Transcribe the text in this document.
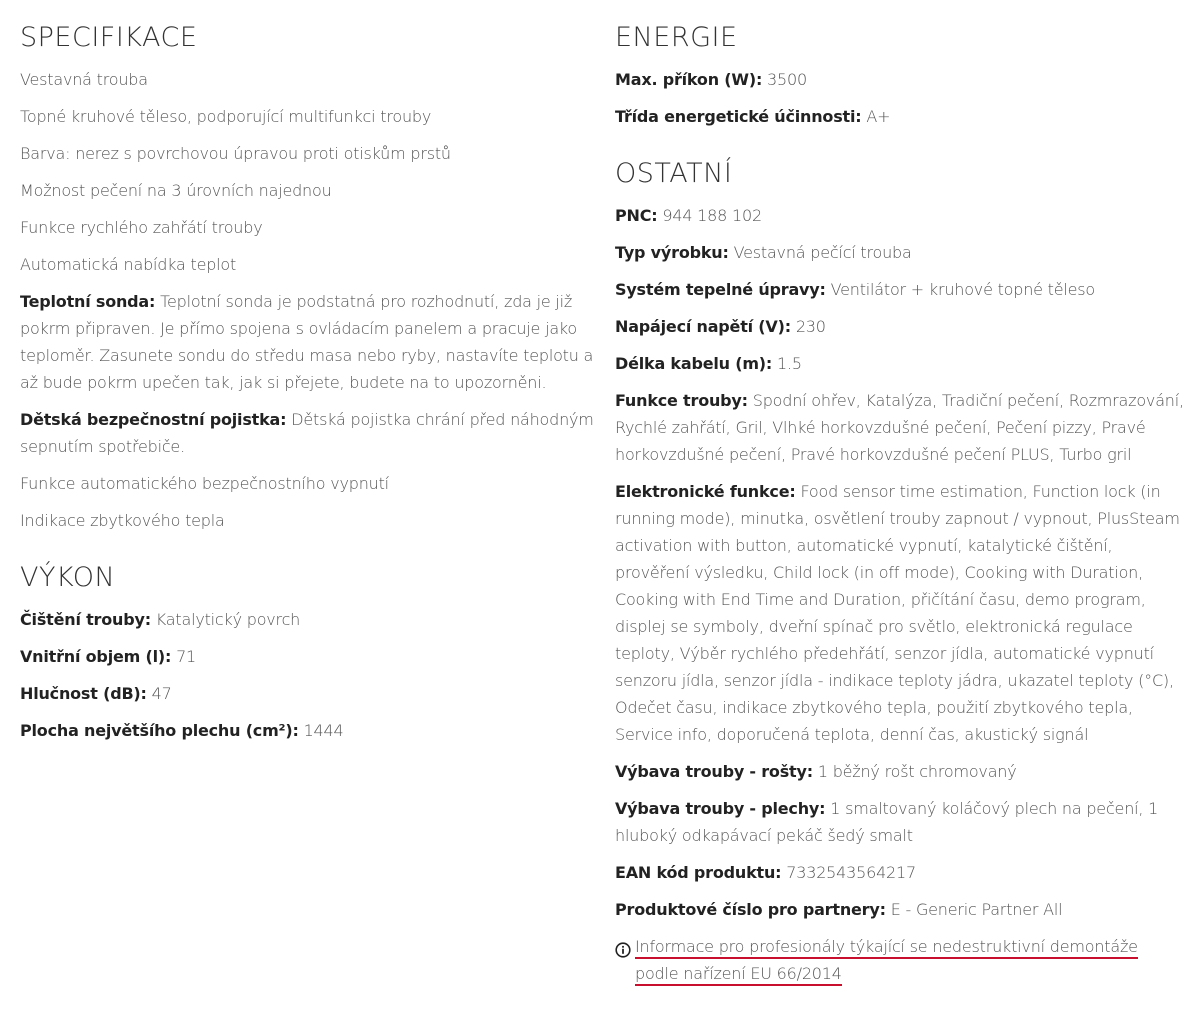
SPECIFIKACE
Vestavná trouba
Topné kruhové těleso, podporující multifunkci trouby
Barva: nerez s povrchovou úpravou proti otiskům prstů
Možnost pečení na 3 úrovních najednou
Funkce rychlého zahřátí trouby
Automatická nabídka teplot
Teplotní sonda: Teplotní sonda je podstatná pro rozhodnutí, zda je již pokrm připraven. Je přímo spojena s ovládacím panelem a pracuje jako teploměr. Zasunete sondu do středu masa nebo ryby, nastavíte teplotu a až bude pokrm upečen tak, jak si přejete, budete na to upozorněni.
Dětská bezpečnostní pojistka: Dětská pojistka chrání před náhodným sepnutím spotřebiče.
Funkce automatického bezpečnostního vypnutí
Indikace zbytkového tepla
VÝKON
Čištění trouby: Katalytický povrch
Vnitřní objem (l): 71
Hlučnost (dB): 47
Plocha největšího plechu (cm²): 1444
ENERGIE
Max. příkon (W): 3500
Třída energetické účinnosti: A+
OSTATNÍ
PNC: 944 188 102
Typ výrobku: Vestavná pečící trouba
Systém tepelné úpravy: Ventilátor + kruhové topné těleso
Napájecí napětí (V): 230
Délka kabelu (m): 1.5
Funkce trouby: Spodní ohřev, Katalýza, Tradiční pečení, Rozmrazování, Rychlé zahřátí, Gril, Vlhké horkovzdušné pečení, Pečení pizzy, Pravé horkovzdušné pečení, Pravé horkovzdušné pečení PLUS, Turbo gril
Elektronické funkce: Food sensor time estimation, Function lock (in running mode), minutka, osvětlení trouby zapnout / vypnout, PlusSteam activation with button, automatické vypnutí, katalytické čištění, prověření výsledku, Child lock (in off mode), Cooking with Duration, Cooking with End Time and Duration, přičítání času, demo program, displej se symboly, dveřní spínač pro světlo, elektronická regulace teploty, Výběr rychlého předehřátí, senzor jídla, automatické vypnutí senzoru jídla, senzor jídla - indikace teploty jádra, ukazatel teploty (°C), Odečet času, indikace zbytkového tepla, použití zbytkového tepla, Service info, doporučená teplota, denní čas, akustický signál
Výbava trouby - rošty: 1 běžný rošt chromovaný
Výbava trouby - plechy: 1 smaltovaný koláčový plech na pečení, 1 hluboký odkapávací pekáč šedý smalt
EAN kód produktu: 7332543564217
Produktové číslo pro partnery: E - Generic Partner All
Informace pro profesionály týkající se nedestruktivní demontáže podle nařízení EU 66/2014
